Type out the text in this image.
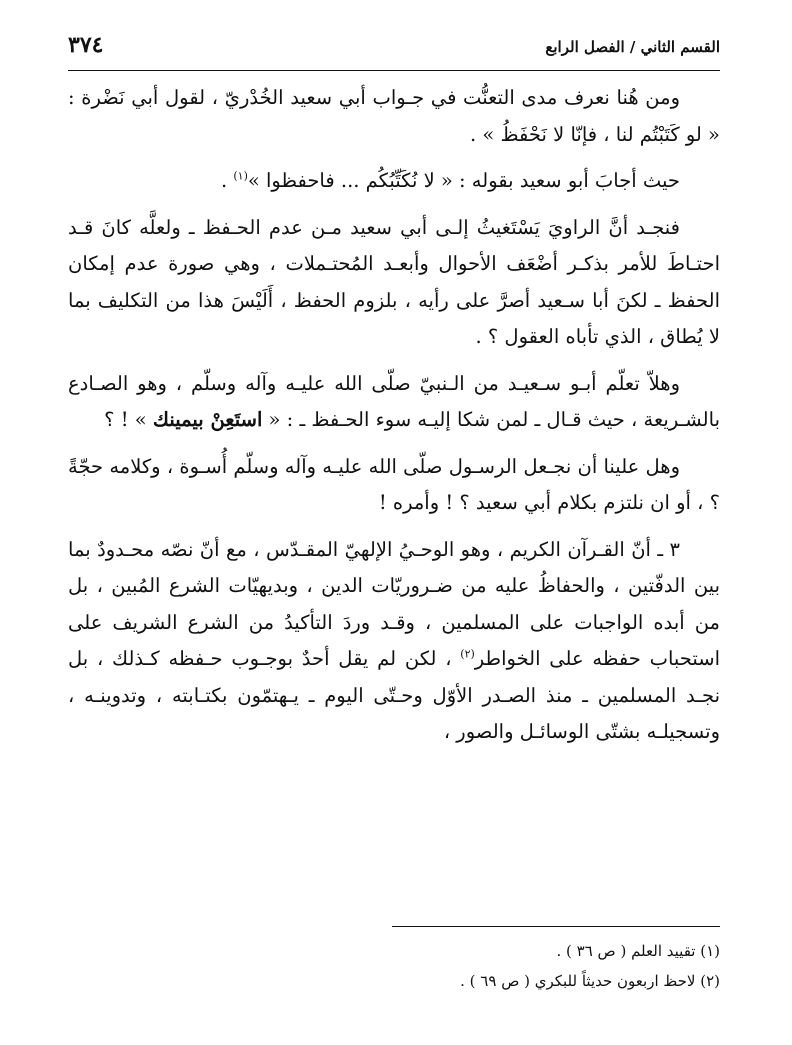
القسم الثاني / الفصل الرابع
٣٧٤

ومن هُنا نعرف مدى التعنُّت في جـواب أبي سعيد الخُدْريّ ، لقول أبي نَضْرة : « لو كَتَبْتُم لنا ، فإنّا لا نَحْفَظُ » .

حيث أجابَ أبو سعيد بقوله : « لا نُكَتِّبُكُم ... فاحفظوا »$^{(١)}$ .

فنجـد أنَّ الراويَ يَسْتَغيثُ إلـى أبي سعيد مـن عدم الحـفظ ـ ولعلَّه كانَ قـد احتـاطَ للأمر بذكـر أضْعَف الأحوال وأبعـد المُحتـملات ، وهي صورة عدم إمكان الحفظ ـ لكنَ أبا سـعيد أصرَّ على رأيه ، بلزوم الحفظ ، أَلَيْسَ هذا من التكليف بما لا يُطاق ، الذي تأباه العقول ؟ .

وهلاّ تعلّم أبـو سـعيـد من الـنبيّ صلّى الله عليـه وآله وسلّم ، وهو الصـادع بالشـريعة ، حيث قـال ـ لمن شكا إليـه سوء الحـفظ ـ : « استَعِنْ بيمينك » ! ؟

وهل علينا أن نجـعل الرسـول صلّى الله عليـه وآله وسلّم أُسـوة ، وكلامه حجّةً ؟ ، أو ان نلتزم بكلام أبي سعيد ؟ ! وأمره !

٣ ـ أنّ القـرآن الكريم ، وهو الوحـيُ الإلهيّ المقـدّس ، مع أنّ نصّه محـدودٌ بما بين الدفّتين ، والحفاظُ عليه من ضـروريّات الدين ، وبديهيّات الشرع المُبين ، بل من أبده الواجبات على المسلمين ، وقـد وردَ التأكيدُ من الشرع الشريف على استحباب حفظه على الخواطر$^{(٢)}$ ، لكن لم يقل أحدٌ بوجـوب حـفظه كـذلك ، بل نجـد المسلمين ـ منذ الصـدر الأوّل وحـتّى اليوم ـ يـهتمّون بكتـابته ، وتدوينـه ، وتسجيلـه بشتّى الوسائـل والصور ،

(١) تقييد العلم ( ص ٣٦ ) .

(٢) لاحظ اربعون حديثاً للبكري ( ص ٦٩ ) .
